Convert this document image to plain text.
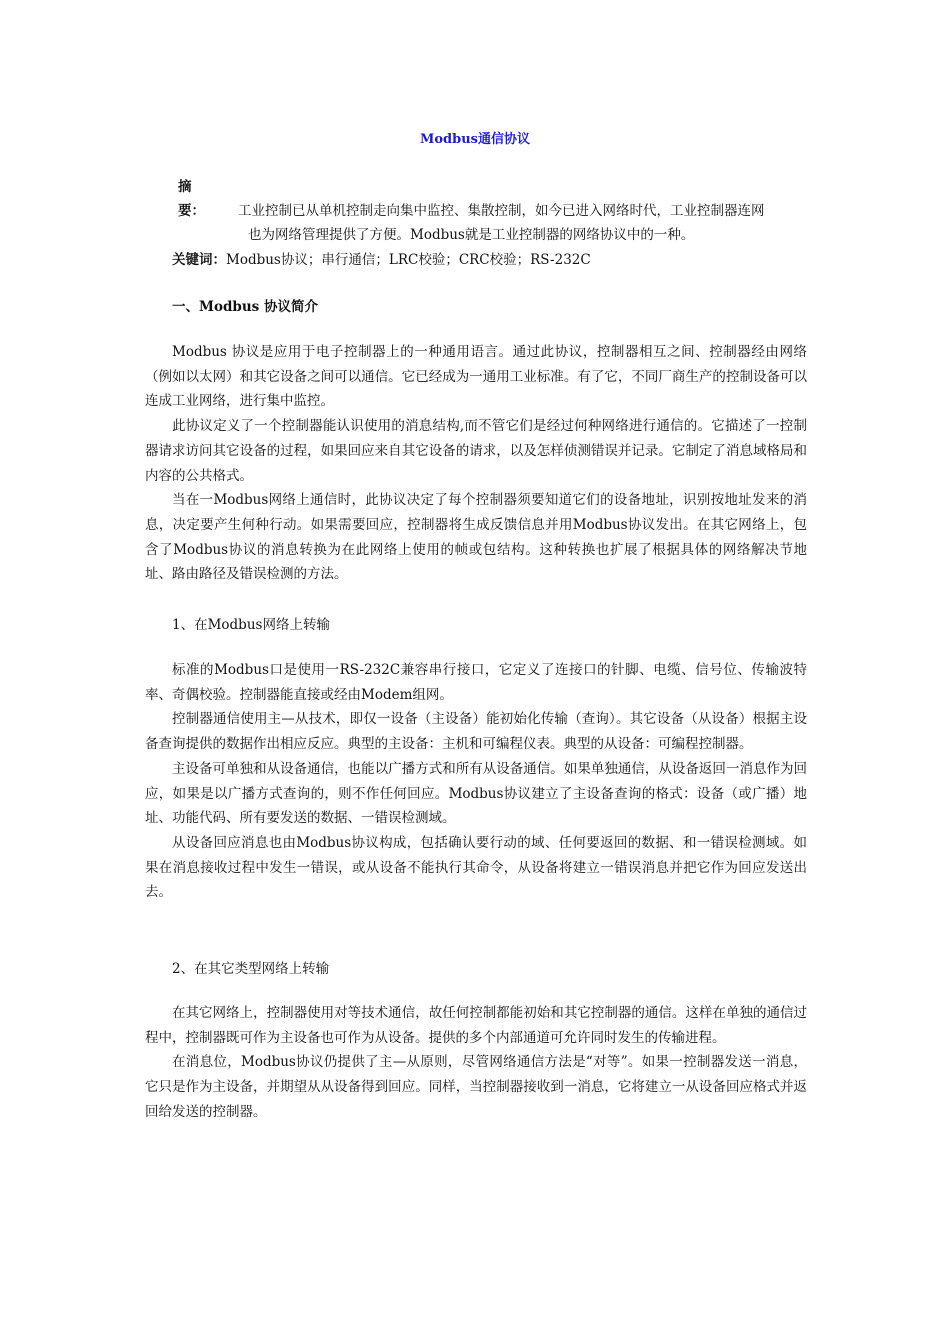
Modbus通信协议
摘　　要： 工业控制已从单机控制走向集中监控、集散控制，如今已进入网络时代，工业控制器连网
也为网络管理提供了方便。Modbus就是工业控制器的网络协议中的一种。
关键词：Modbus协议；串行通信；LRC校验；CRC校验；RS-232C
一、Modbus 协议简介

Modbus 协议是应用于电子控制器上的一种通用语言。通过此协议，控制器相互之间、控制器经由网络（例如以太网）和其它设备之间可以通信。它已经成为一通用工业标准。有了它，不同厂商生产的控制设备可以连成工业网络，进行集中监控。

此协议定义了一个控制器能认识使用的消息结构,而不管它们是经过何种网络进行通信的。它描述了一控制器请求访问其它设备的过程，如果回应来自其它设备的请求，以及怎样侦测错误并记录。它制定了消息域格局和内容的公共格式。

当在一Modbus网络上通信时，此协议决定了每个控制器须要知道它们的设备地址，识别按地址发来的消息，决定要产生何种行动。如果需要回应，控制器将生成反馈信息并用Modbus协议发出。在其它网络上，包含了Modbus协议的消息转换为在此网络上使用的帧或包结构。这种转换也扩展了根据具体的网络解决节地址、路由路径及错误检测的方法。

1、在Modbus网络上转输

标准的Modbus口是使用一RS-232C兼容串行接口，它定义了连接口的针脚、电缆、信号位、传输波特率、奇偶校验。控制器能直接或经由Modem组网。

控制器通信使用主—从技术，即仅一设备（主设备）能初始化传输（查询）。其它设备（从设备）根据主设备查询提供的数据作出相应反应。典型的主设备：主机和可编程仪表。典型的从设备：可编程控制器。

主设备可单独和从设备通信，也能以广播方式和所有从设备通信。如果单独通信，从设备返回一消息作为回应，如果是以广播方式查询的，则不作任何回应。Modbus协议建立了主设备查询的格式：设备（或广播）地址、功能代码、所有要发送的数据、一错误检测域。

从设备回应消息也由Modbus协议构成，包括确认要行动的域、任何要返回的数据、和一错误检测域。如果在消息接收过程中发生一错误，或从设备不能执行其命令，从设备将建立一错误消息并把它作为回应发送出去。

2、在其它类型网络上转输

在其它网络上，控制器使用对等技术通信，故任何控制都能初始和其它控制器的通信。这样在单独的通信过程中，控制器既可作为主设备也可作为从设备。提供的多个内部通道可允许同时发生的传输进程。

在消息位，Modbus协议仍提供了主—从原则，尽管网络通信方法是“对等”。如果一控制器发送一消息，它只是作为主设备，并期望从从设备得到回应。同样，当控制器接收到一消息，它将建立一从设备回应格式并返回给发送的控制器。
